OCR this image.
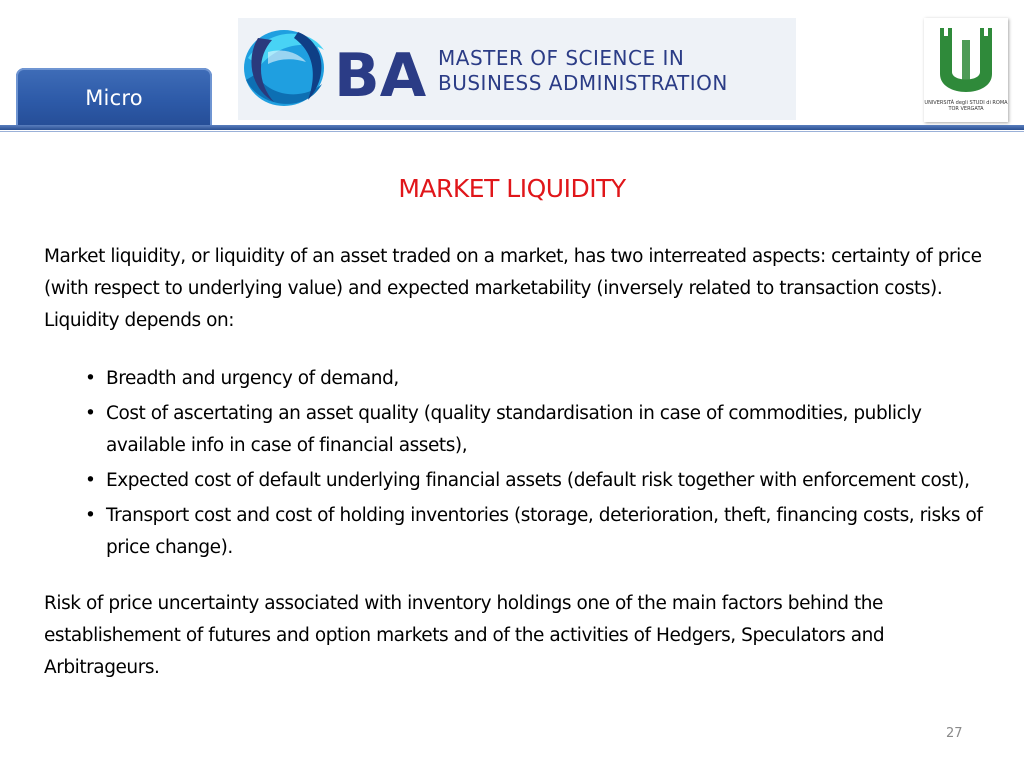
Micro	BA MASTER OF SCIENCE IN
BUSINESS ADMINISTRATION
UNIVERSITÀ degli STUDI di ROMA TOR VERGATA
MARKET LIQUIDITY

Market liquidity, or liquidity of an asset traded on a market, has two interreated aspects: certainty of price (with respect to underlying value) and expected marketability (inversely related to transaction costs). Liquidity depends on:

• Breadth and urgency of demand,
• Cost of ascertating an asset quality (quality standardisation in case of commodities, publicly available info in case of financial assets),
• Expected cost of default underlying financial assets (default risk together with enforcement cost),
• Transport cost and cost of holding inventories (storage, deterioration, theft, financing costs, risks of price change).

Risk of price uncertainty associated with inventory holdings one of the main factors behind the establishement of futures and option markets and of the activities of Hedgers, Speculators and Arbitrageurs.

27
